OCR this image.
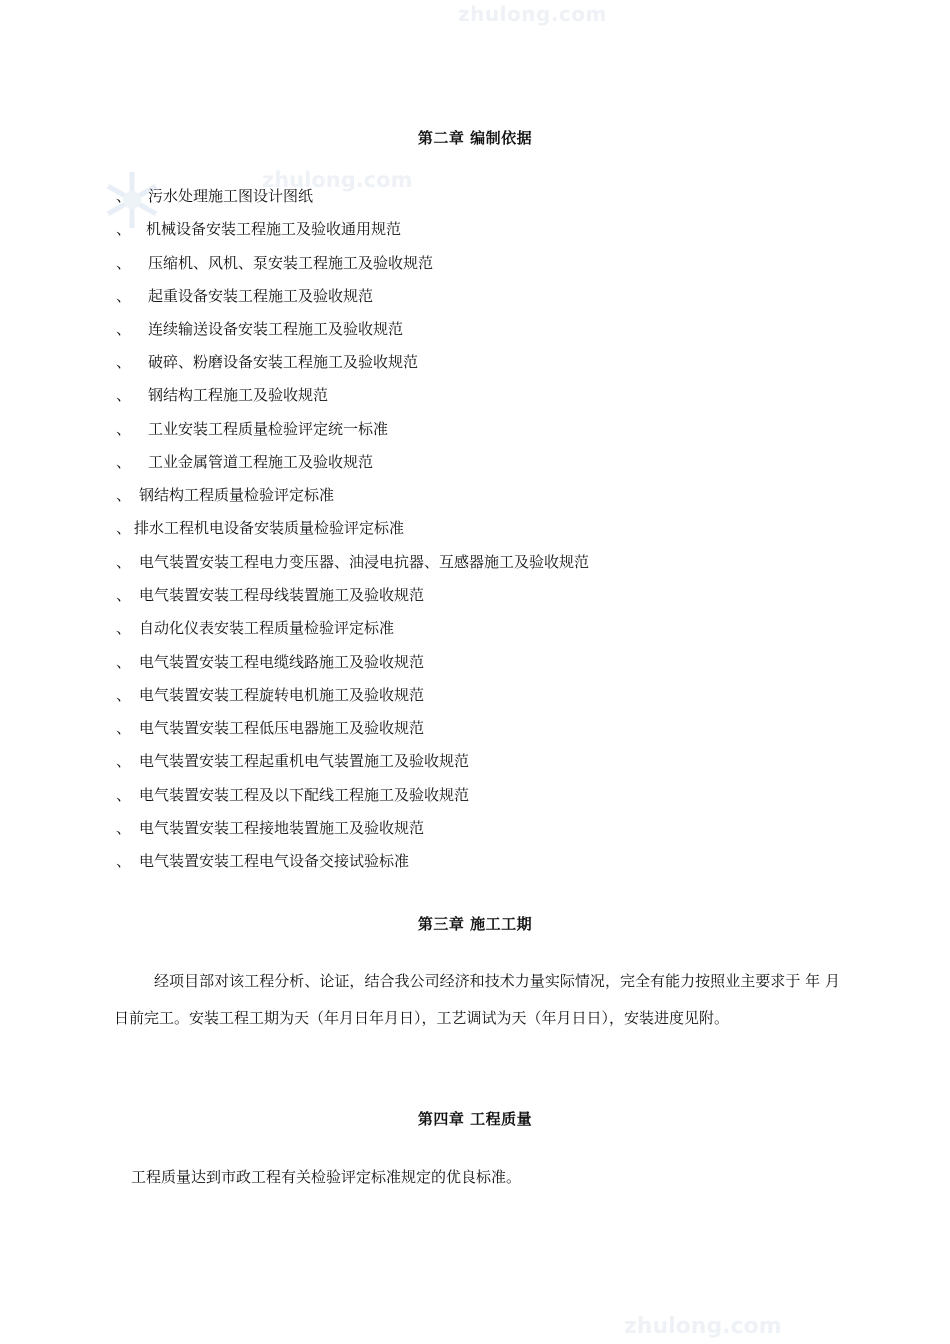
zhulong.com
zhulong.com
zhulong.com
第二章 编制依据
、 污水处理施工图设计图纸
、 机械设备安装工程施工及验收通用规范
、 压缩机、风机、泵安装工程施工及验收规范
、 起重设备安装工程施工及验收规范
、 连续输送设备安装工程施工及验收规范
、 破碎、粉磨设备安装工程施工及验收规范
、 钢结构工程施工及验收规范
、 工业安装工程质量检验评定统一标准
、 工业金属管道工程施工及验收规范
、 钢结构工程质量检验评定标准
、 排水工程机电设备安装质量检验评定标准
、 电气装置安装工程电力变压器、油浸电抗器、互感器施工及验收规范
、 电气装置安装工程母线装置施工及验收规范
、 自动化仪表安装工程质量检验评定标准
、 电气装置安装工程电缆线路施工及验收规范
、 电气装置安装工程旋转电机施工及验收规范
、 电气装置安装工程低压电器施工及验收规范
、 电气装置安装工程起重机电气装置施工及验收规范
、 电气装置安装工程及以下配线工程施工及验收规范
、 电气装置安装工程接地装置施工及验收规范
、 电气装置安装工程电气设备交接试验标准
第三章 施工工期
经项目部对该工程分析、论证，结合我公司经济和技术力量实际情况，完全有能力按照业主要求于 年 月 日前完工。安装工程工期为天（年月日年月日），工艺调试为天（年月日日），安装进度见附。
第四章 工程质量
工程质量达到市政工程有关检验评定标准规定的优良标准。
